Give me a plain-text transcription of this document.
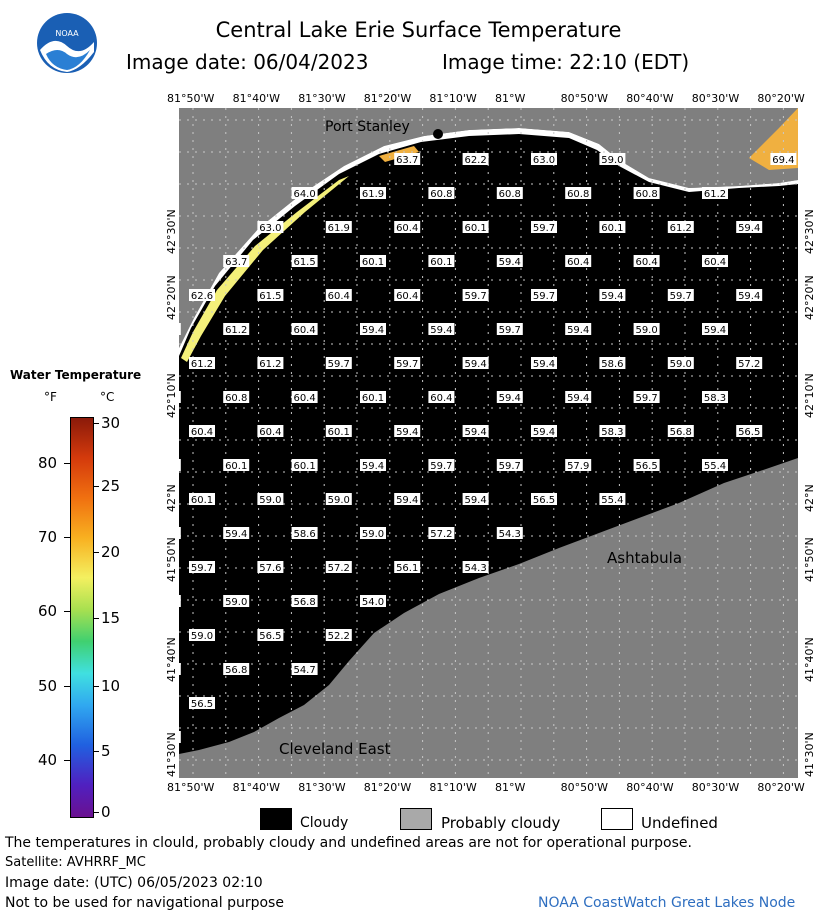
NOAA	Central Lake Erie Surface Temperature
Image date: 06/04/2023	Image time: 22:10 (EDT)
81°50'W 81°40'W 81°30'W 81°20'W 81°10'W 81°W	80°50'W 80°40'W 80°30'W 80°20'W
81°50'W 81°40'W 81°30'W 81°20'W 81°10'W 81°W	80°50'W 80°40'W 80°30'W 80°20'W
42°30'N
42°20'N
42°10'N
42°N
41°50'N
41°40'N
41°30'N
42°30'N
42°20'N
42°10'N
42°N
41°50'N
41°40'N
41°30'N
63.7	62.2	63.0	59.0	69.4
64.0	61.9	60.8	60.8	60.8	60.8	61.2
63.0	61.9	60.4	60.1	59.7	60.1	61.2	59.4
63.7	61.5	60.1	60.1	59.4	60.4	60.4	60.4
62.6	61.5	60.4	60.4	59.7	59.7	59.4	59.7	59.4
61.2	60.4	59.4	59.4	59.7	59.4	59.0	59.4
61.2	61.2	59.7	59.7	59.4	59.4	58.6	59.0	57.2
60.8	60.4	60.1	60.4	59.4	59.4	59.7	58.3
60.4	60.4	60.1	59.4	59.4	59.4	58.3	56.8	56.5
60.1	60.1	59.4	59.7	59.7	57.9	56.5	55.4
60.1	59.0	59.0	59.4	59.4	56.5	55.4
59.4	58.6	59.0	57.2	54.3
59.7	57.6	57.2	56.1	54.3
59.0	56.8	54.0
59.0	56.5	52.2
56.8	54.7
56.5
Port Stanley
Ashtabula
Cleveland East
Water Temperature
°F	°C
80
70
60
50
40
30
25
20
15
10
5
0
Cloudy	Probably cloudy	Undefined
The temperatures in clould, probably cloudy and undefined areas are not for operational purpose.
Satellite: AVHRRF_MC
Image date: (UTC) 06/05/2023 02:10
Not to be used for navigational purpose	NOAA CoastWatch Great Lakes Node
